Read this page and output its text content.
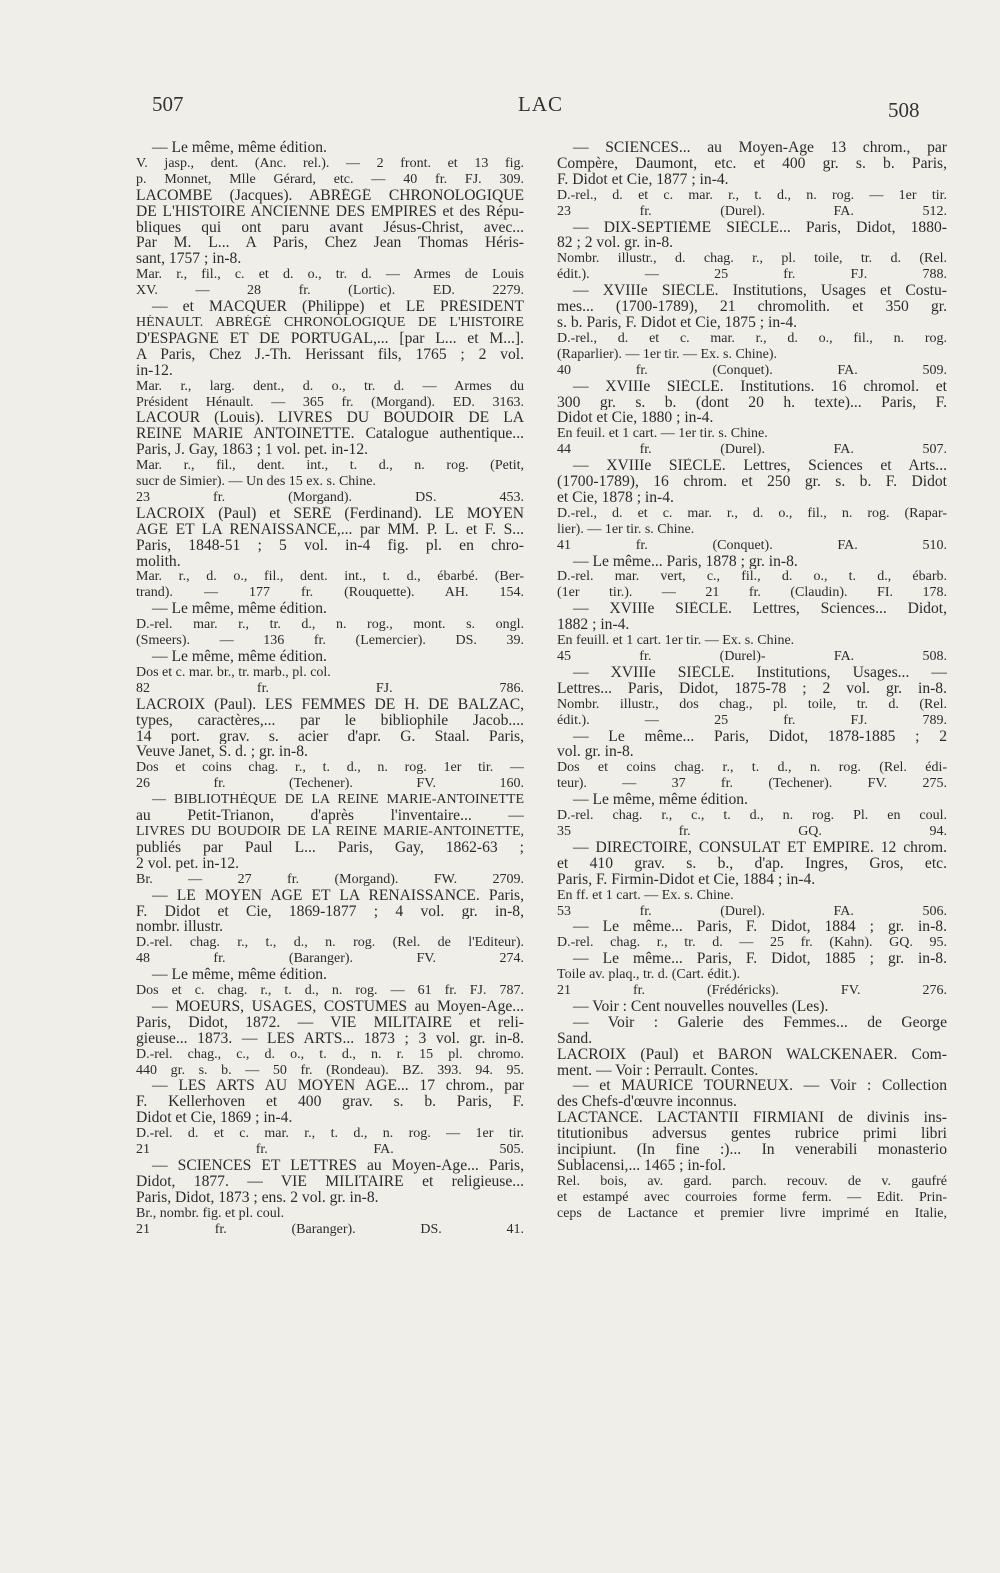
507	LAC	508
— Le même, même édition.
V. jasp., dent. (Anc. rel.). — 2 front. et 13 fig.
p. Monnet, Mlle Gérard, etc. — 40 fr. FJ. 309.
LACOMBE (Jacques). ABRÉGÉ CHRONOLOGIQUE
DE L'HISTOIRE ANCIENNE DES EMPIRES et des Répu-
bliques qui ont paru avant Jésus-Christ, avec...
Par M. L... A Paris, Chez Jean Thomas Héris-
sant, 1757 ; in-8.
Mar. r., fil., c. et d. o., tr. d. — Armes de Louis
XV. — 28 fr. (Lortic). ED. 2279.
— et MACQUER (Philippe) et LE PRÉSIDENT
HÉNAULT. ABRÉGÉ CHRONOLOGIQUE DE L'HISTOIRE
D'ESPAGNE ET DE PORTUGAL,... [par L... et M...].
A Paris, Chez J.-Th. Herissant fils, 1765 ; 2 vol.
in-12.
Mar. r., larg. dent., d. o., tr. d. — Armes du
Président Hénault. — 365 fr. (Morgand). ED. 3163.
LACOUR (Louis). LIVRES DU BOUDOIR DE LA
REINE MARIE ANTOINETTE. Catalogue authentique...
Paris, J. Gay, 1863 ; 1 vol. pet. in-12.
Mar. r., fil., dent. int., t. d., n. rog. (Petit,
sucr de Simier). — Un des 15 ex. s. Chine.
23 fr. (Morgand). DS. 453.
LACROIX (Paul) et SERÉ (Ferdinand). LE MOYEN
AGE ET LA RENAISSANCE,... par MM. P. L. et F. S...
Paris, 1848-51 ; 5 vol. in-4 fig. pl. en chro-
molith.
Mar. r., d. o., fil., dent. int., t. d., ébarbé. (Ber-
trand). — 177 fr. (Rouquette). AH. 154.
— Le même, même édition.
D.-rel. mar. r., tr. d., n. rog., mont. s. ongl.
(Smeers). — 136 fr. (Lemercier). DS. 39.
— Le même, même édition.
Dos et c. mar. br., tr. marb., pl. col.
82 fr. FJ. 786.
LACROIX (Paul). LES FEMMES DE H. DE BALZAC,
types, caractères,... par le bibliophile Jacob....
14 port. grav. s. acier d'apr. G. Staal. Paris,
Veuve Janet, S. d. ; gr. in-8.
Dos et coins chag. r., t. d., n. rog. 1er tir. —
26 fr. (Techener). FV. 160.
— BIBLIOTHÈQUE DE LA REINE MARIE-ANTOINETTE
au Petit-Trianon, d'après l'inventaire... —
LIVRES DU BOUDOIR DE LA REINE MARIE-ANTOINETTE,
publiés par Paul L... Paris, Gay, 1862-63 ;
2 vol. pet. in-12.
Br. — 27 fr. (Morgand). FW. 2709.
— LE MOYEN AGE ET LA RENAISSANCE. Paris,
F. Didot et Cie, 1869-1877 ; 4 vol. gr. in-8,
nombr. illustr.
D.-rel. chag. r., t., d., n. rog. (Rel. de l'Editeur).
48 fr. (Baranger). FV. 274.
— Le même, même édition.
Dos et c. chag. r., t. d., n. rog. — 61 fr. FJ. 787.
— MOEURS, USAGES, COSTUMES au Moyen-Age...
Paris, Didot, 1872. — VIE MILITAIRE et reli-
gieuse... 1873. — LES ARTS... 1873 ; 3 vol. gr. in-8.
D.-rel. chag., c., d. o., t. d., n. r. 15 pl. chromo.
440 gr. s. b. — 50 fr. (Rondeau). BZ. 393. 94. 95.
— LES ARTS AU MOYEN AGE... 17 chrom., par
F. Kellerhoven et 400 grav. s. b. Paris, F.
Didot et Cie, 1869 ; in-4.
D.-rel. d. et c. mar. r., t. d., n. rog. — 1er tir.
21 fr. FA. 505.
— SCIENCES ET LETTRES au Moyen-Age... Paris,
Didot, 1877. — VIE MILITAIRE et religieuse...
Paris, Didot, 1873 ; ens. 2 vol. gr. in-8.
Br., nombr. fig. et pl. coul.
21 fr. (Baranger). DS. 41.
— SCIENCES... au Moyen-Age 13 chrom., par
Compère, Daumont, etc. et 400 gr. s. b. Paris,
F. Didot et Cie, 1877 ; in-4.
D.-rel., d. et c. mar. r., t. d., n. rog. — 1er tir.
23 fr. (Durel). FA. 512.
— DIX-SEPTIÈME SIÈCLE... Paris, Didot, 1880-
82 ; 2 vol. gr. in-8.
Nombr. illustr., d. chag. r., pl. toile, tr. d. (Rel.
édit.). — 25 fr. FJ. 788.
— XVIIIe SIÈCLE. Institutions, Usages et Costu-
mes... (1700-1789), 21 chromolith. et 350 gr.
s. b. Paris, F. Didot et Cie, 1875 ; in-4.
D.-rel., d. et c. mar. r., d. o., fil., n. rog.
(Raparlier). — 1er tir. — Ex. s. Chine).
40 fr. (Conquet). FA. 509.
— XVIIIe SIÈCLE. Institutions. 16 chromol. et
300 gr. s. b. (dont 20 h. texte)... Paris, F.
Didot et Cie, 1880 ; in-4.
En feuil. et 1 cart. — 1er tir. s. Chine.
44 fr. (Durel). FA. 507.
— XVIIIe SIÈCLE. Lettres, Sciences et Arts...
(1700-1789), 16 chrom. et 250 gr. s. b. F. Didot
et Cie, 1878 ; in-4.
D.-rel., d. et c. mar. r., d. o., fil., n. rog. (Rapar-
lier). — 1er tir. s. Chine.
41 fr. (Conquet). FA. 510.
— Le même... Paris, 1878 ; gr. in-8.
D.-rel. mar. vert, c., fil., d. o., t. d., ébarb.
(1er tir.). — 21 fr. (Claudin). FI. 178.
— XVIIIe SIÈCLE. Lettres, Sciences... Didot,
1882 ; in-4.
En feuill. et 1 cart. 1er tir. — Ex. s. Chine.
45 fr. (Durel)- FA. 508.
— XVIIIe SIÈCLE. Institutions, Usages... —
Lettres... Paris, Didot, 1875-78 ; 2 vol. gr. in-8.
Nombr. illustr., dos chag., pl. toile, tr. d. (Rel.
édit.). — 25 fr. FJ. 789.
— Le même... Paris, Didot, 1878-1885 ; 2
vol. gr. in-8.
Dos et coins chag. r., t. d., n. rog. (Rel. édi-
teur). — 37 fr. (Techener). FV. 275.
— Le même, même édition.
D.-rel. chag. r., c., t. d., n. rog. Pl. en coul.
35 fr. GQ. 94.
— DIRECTOIRE, CONSULAT ET EMPIRE. 12 chrom.
et 410 grav. s. b., d'ap. Ingres, Gros, etc.
Paris, F. Firmin-Didot et Cie, 1884 ; in-4.
En ff. et 1 cart. — Ex. s. Chine.
53 fr. (Durel). FA. 506.
— Le même... Paris, F. Didot, 1884 ; gr. in-8.
D.-rel. chag. r., tr. d. — 25 fr. (Kahn). GQ. 95.
— Le même... Paris, F. Didot, 1885 ; gr. in-8.
Toile av. plaq., tr. d. (Cart. édit.).
21 fr. (Frédéricks). FV. 276.
— Voir : Cent nouvelles nouvelles (Les).
— Voir : Galerie des Femmes... de George
Sand.
LACROIX (Paul) et BARON WALCKENAER. Com-
ment. — Voir : Perrault. Contes.
— et MAURICE TOURNEUX. — Voir : Collection
des Chefs-d'œuvre inconnus.
LACTANCE. LACTANTII FIRMIANI de divinis ins-
titutionibus adversus gentes rubrice primi libri
incipiunt. (In fine :)... In venerabili monasterio
Sublacensi,... 1465 ; in-fol.
Rel. bois, av. gard. parch. recouv. de v. gaufré
et estampé avec courroies forme ferm. — Edit. Prin-
ceps de Lactance et premier livre imprimé en Italie,
